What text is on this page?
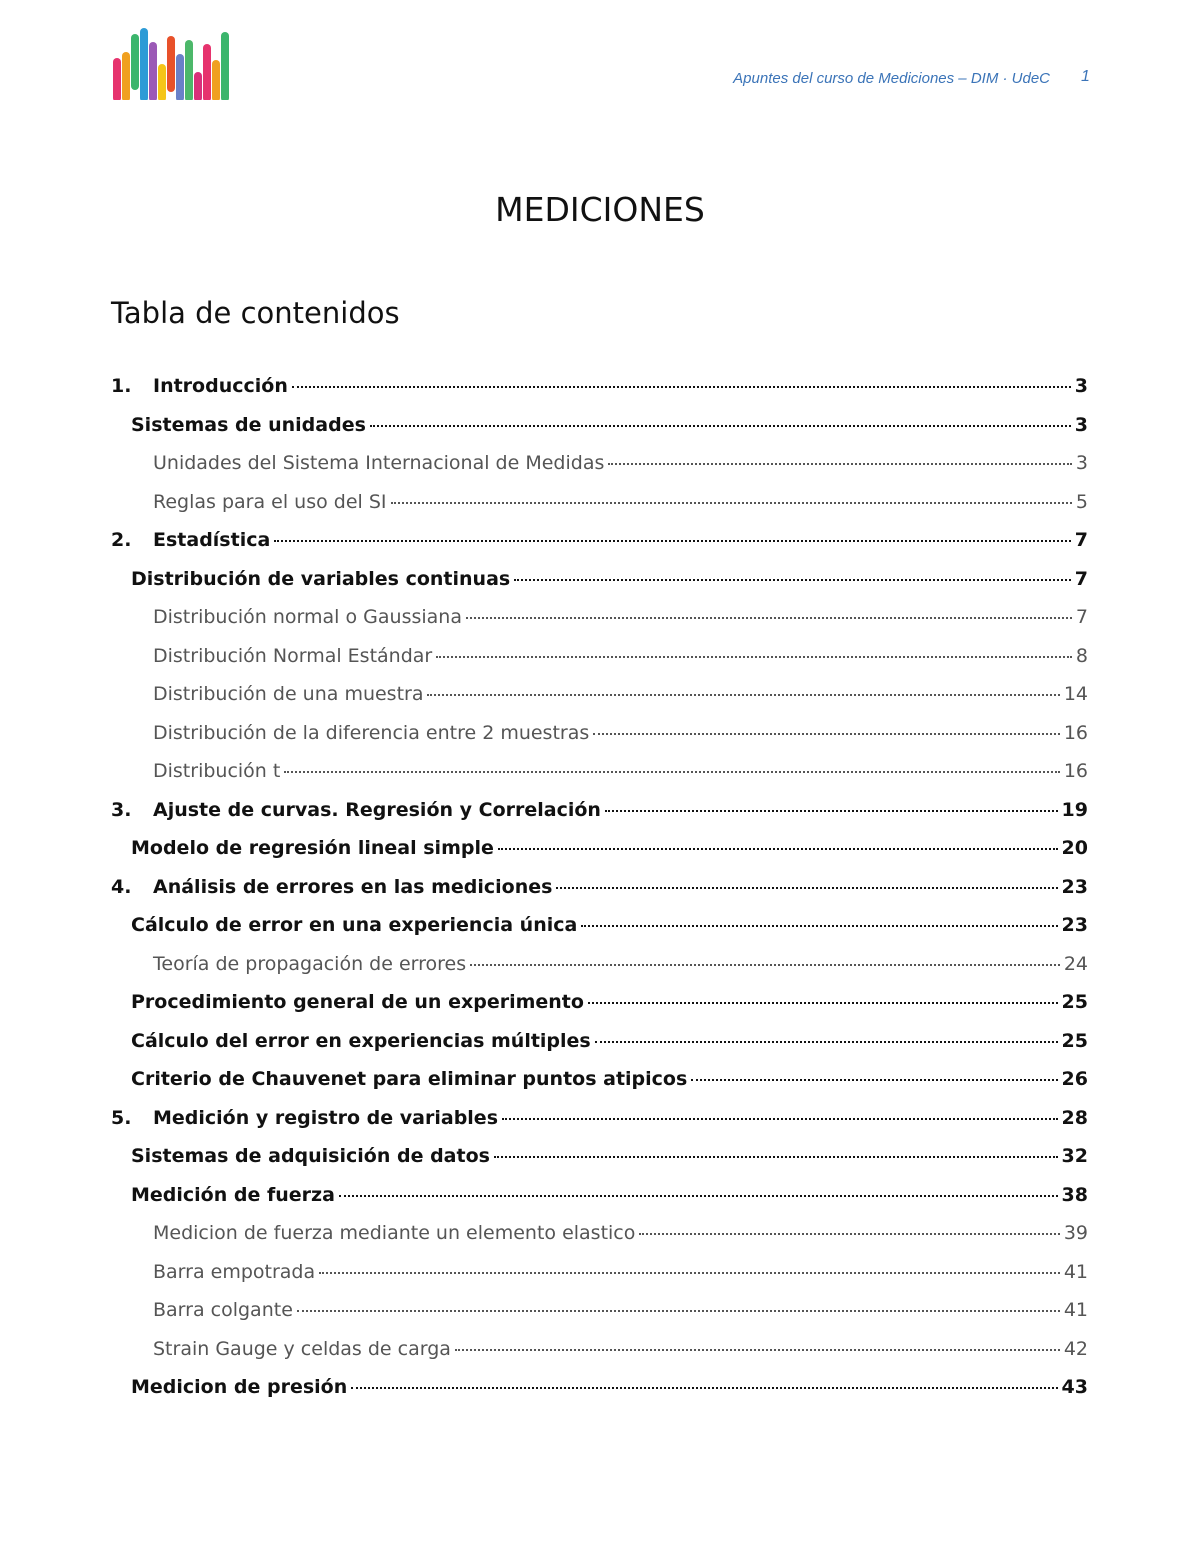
Apuntes del curso de Mediciones – DIM · UdeC 1
MEDICIONES
Tabla de contenidos
1.	Introducción	3
Sistemas de unidades	3
Unidades del Sistema Internacional de Medidas	3
Reglas para el uso del SI	5
2.	Estadística	7
Distribución de variables continuas	7
Distribución normal o Gaussiana	7
Distribución Normal Estándar	8
Distribución de una muestra	14
Distribución de la diferencia entre 2 muestras	16
Distribución t	16
3.	Ajuste de curvas. Regresión y Correlación	19
Modelo de regresión lineal simple	20
4.	Análisis de errores en las mediciones	23
Cálculo de error en una experiencia única	23
Teoría de propagación de errores	24
Procedimiento general de un experimento	25
Cálculo del error en experiencias múltiples	25
Criterio de Chauvenet para eliminar puntos atipicos	26
5.	Medición y registro de variables	28
Sistemas de adquisición de datos	32
Medición de fuerza	38
Medicion de fuerza mediante un elemento elastico	39
Barra empotrada	41
Barra colgante	41
Strain Gauge y celdas de carga	42
Medicion de presión	43
